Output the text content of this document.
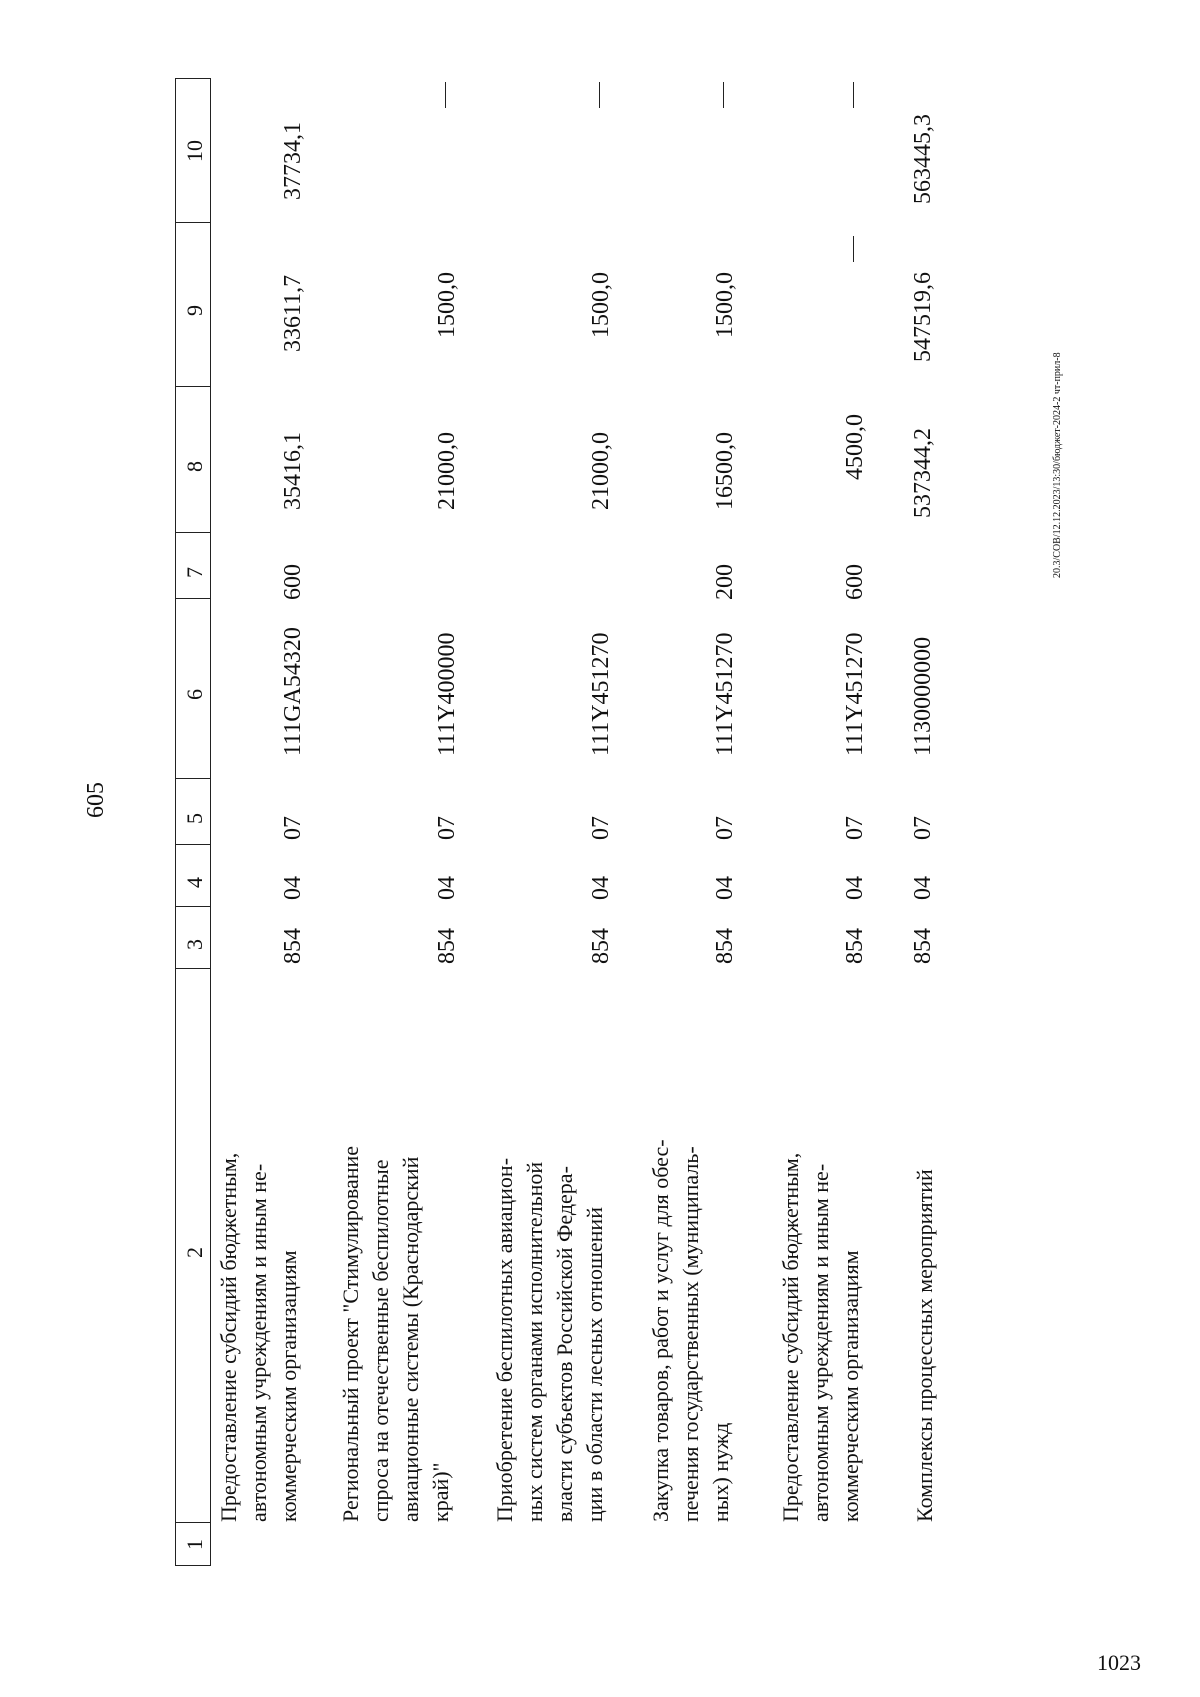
605
1023
20.3/СОВ/12.12.2023/13:30/бюджет-2024-2 чт-прил-8
1
2
3
4
5
6
7
8
9
10
Предоставление субсидий бюджетным, автономным учреждениям и иным не- коммерческим организациям
854
04
07
111GA54320
600
35416,1
33611,7
37734,1
Региональный проект "Стимулирование спроса на отечественные беспилотные авиационные системы (Краснодарский край)"
854
04
07
111Y400000
21000,0
1500,0
Приобретение беспилотных авиацион- ных систем органами исполнительной власти субъектов Российской Федера- ции в области лесных отношений
854
04
07
111Y451270
21000,0
1500,0
Закупка товаров, работ и услуг для обес- печения государственных (муниципаль- ных) нужд
854
04
07
111Y451270
200
16500,0
1500,0
Предоставление субсидий бюджетным, автономным учреждениям и иным не- коммерческим организациям
854
04
07
111Y451270
600
4500,0
Комплексы процессных мероприятий
854
04
07
1130000000
537344,2
547519,6
563445,3
